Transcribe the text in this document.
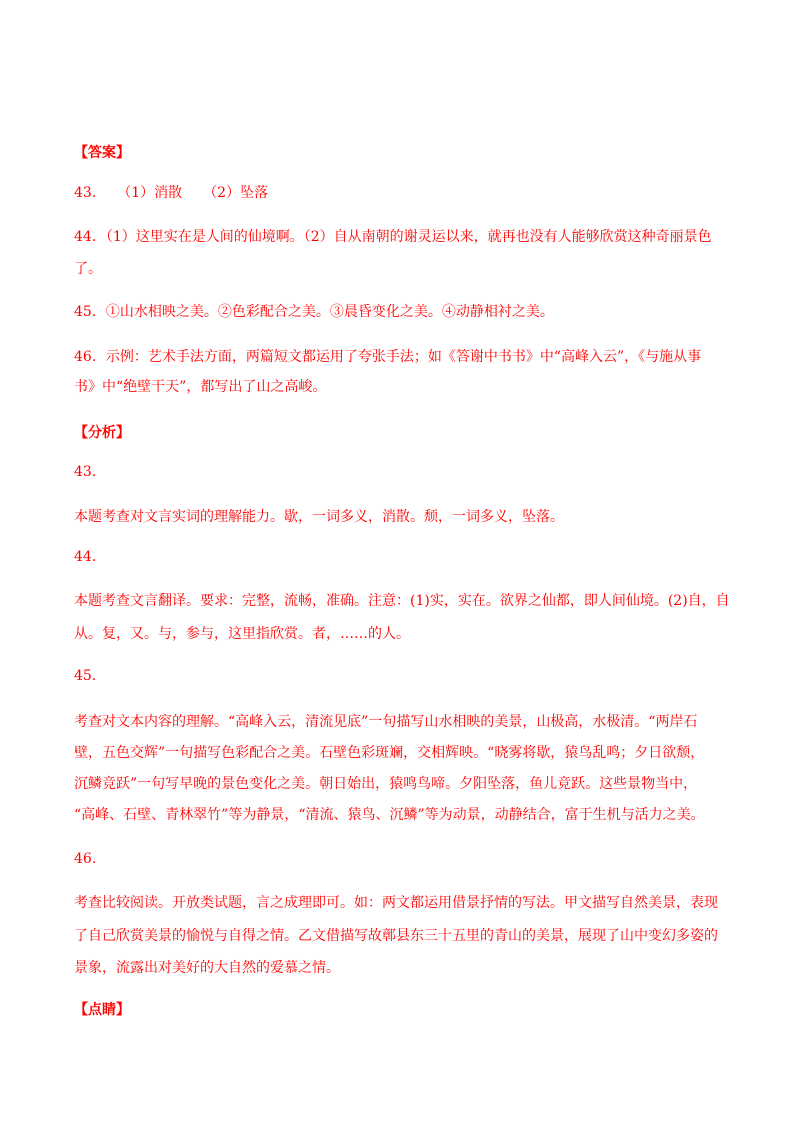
【答案】
43.　　（1）消散　　（2）坠落
44．（1）这里实在是人间的仙境啊。（2）自从南朝的谢灵运以来，就再也没有人能够欣赏这种奇丽景色
了。
45．①山水相映之美。②色彩配合之美。③晨昏变化之美。④动静相衬之美。
46．示例：艺术手法方面，两篇短文都运用了夸张手法；如《答谢中书书》中“高峰入云”，《与施从事
书》中“绝壁干天”，都写出了山之高峻。
【分析】
43．
本题考查对文言实词的理解能力。歇，一词多义，消散。颓，一词多义，坠落。
44．
本题考查文言翻译。要求：完整，流畅，准确。注意：(1)实，实在。欲界之仙都，即人间仙境。(2)自，自
从。复，又。与，参与，这里指欣赏。者，……的人。
45．
考查对文本内容的理解。“高峰入云，清流见底”一句描写山水相映的美景，山极高，水极清。“两岸石
壁，五色交辉”一句描写色彩配合之美。石壁色彩斑斓，交相辉映。“晓雾将歇，猿鸟乱鸣；夕日欲颓，
沉鳞竞跃”一句写早晚的景色变化之美。朝日始出，猿鸣鸟啼。夕阳坠落，鱼儿竞跃。这些景物当中，
“高峰、石壁、青林翠竹”等为静景，“清流、猿鸟、沉鳞”等为动景，动静结合，富于生机与活力之美。
46．
考查比较阅读。开放类试题，言之成理即可。如：两文都运用借景抒情的写法。甲文描写自然美景，表现
了自己欣赏美景的愉悦与自得之情。乙文借描写故鄣县东三十五里的青山的美景，展现了山中变幻多姿的
景象，流露出对美好的大自然的爱慕之情。
【点睛】
